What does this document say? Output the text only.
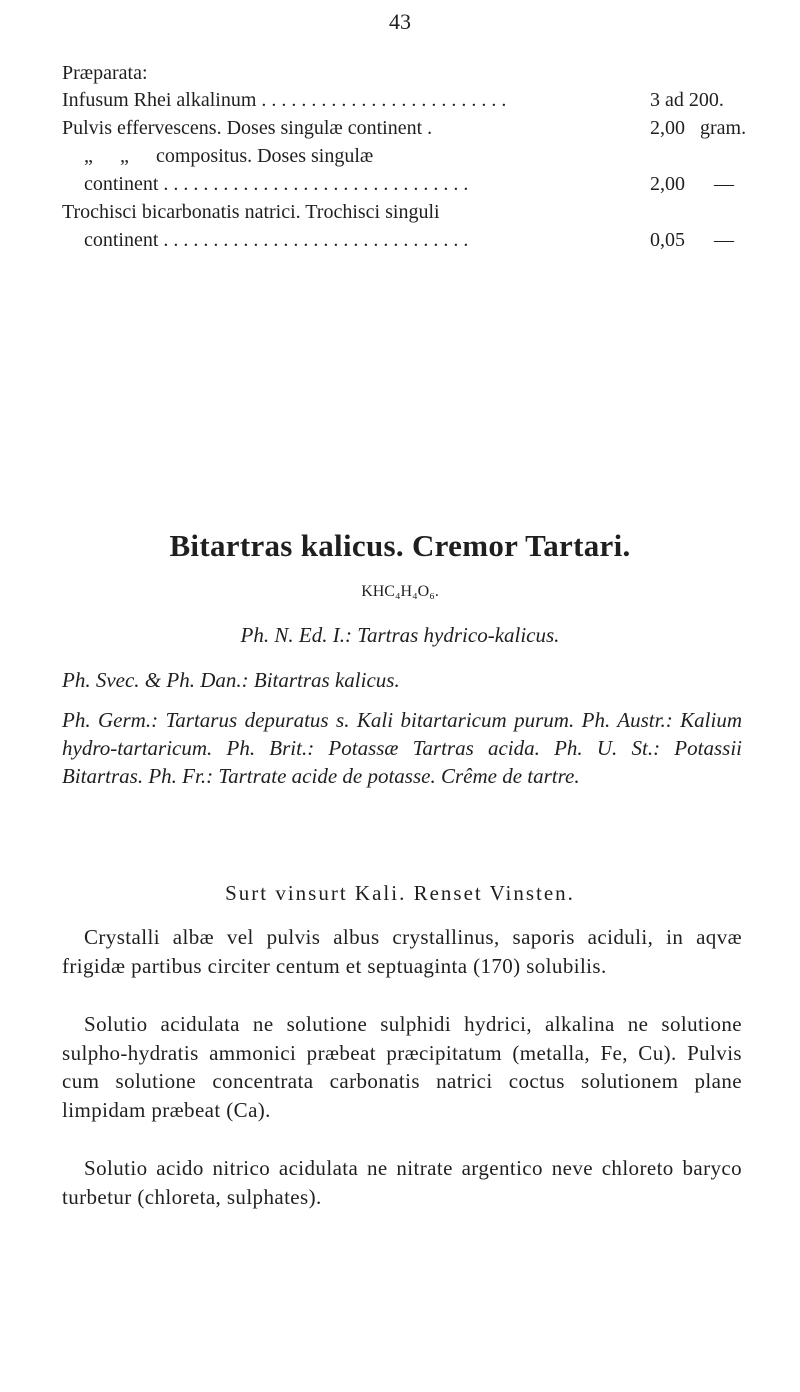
43
Præparata:
Infusum Rhei alkalinum . . . . . . . . . . . . . . . . . . . . . . . . .	3 ad 200.
Pulvis effervescens. Doses singulæ continent .	2,00 gram.
„ „ compositus. Doses singulæ
continent . . . . . . . . . . . . . . . . . . . . . . . . . . . . . . .	2,00 —
Trochisci bicarbonatis natrici. Trochisci singuli
continent . . . . . . . . . . . . . . . . . . . . . . . . . . . . . . .	0,05 —
Bitartras kalicus. Cremor Tartari.
KHC₄H₄O₆.
Ph. N. Ed. I.: Tartras hydrico-kalicus.
Ph. Svec. & Ph. Dan.: Bitartras kalicus.
Ph. Germ.: Tartarus depuratus s. Kali bitartaricum purum. Ph. Austr.: Kalium hydro-tartaricum. Ph. Brit.: Potassæ Tartras acida. Ph. U. St.: Potassii Bitartras. Ph. Fr.: Tartrate acide de potasse. Crême de tartre.
Surt vinsurt Kali. Renset Vinsten.
Crystalli albæ vel pulvis albus crystallinus, saporis aciduli, in aqvæ frigidæ partibus circiter centum et septuaginta (170) solubilis.
Solutio acidulata ne solutione sulphidi hydrici, alkalina ne solutione sulpho-hydratis ammonici præbeat præcipitatum (metalla, Fe, Cu). Pulvis cum solutione concentrata carbonatis natrici coctus solutionem plane limpidam præbeat (Ca).
Solutio acido nitrico acidulata ne nitrate argentico neve chloreto baryco turbetur (chloreta, sulphates).
